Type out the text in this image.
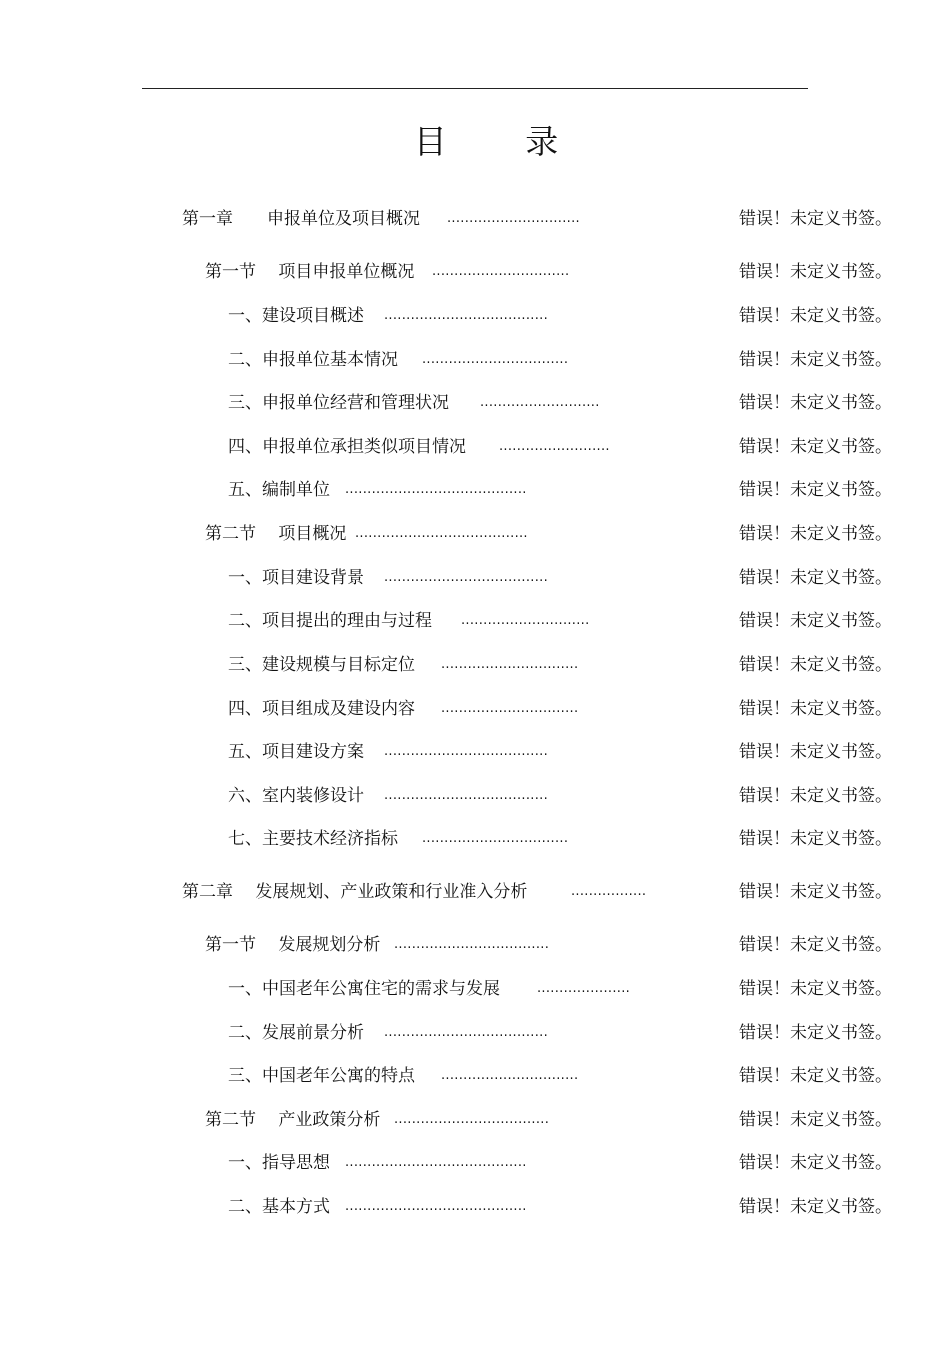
目 录
第一章　　申报单位及项目概况 ..............................	错误！未定义书签。
第一节　 项目申报单位概况 ...............................	错误！未定义书签。
一、建设项目概述 .....................................	错误！未定义书签。
二、申报单位基本情况 .................................	错误！未定义书签。
三、申报单位经营和管理状况 ...........................	错误！未定义书签。
四、申报单位承担类似项目情况	.........................	错误！未定义书签。
五、编制单位 .........................................	错误！未定义书签。
第二节　 项目概况 .......................................	错误！未定义书签。
一、项目建设背景 .....................................	错误！未定义书签。
二、项目提出的理由与过程 .............................	错误！未定义书签。
三、建设规模与目标定位 ...............................	错误！未定义书签。
四、项目组成及建设内容 ...............................	错误！未定义书签。
五、项目建设方案 .....................................	错误！未定义书签。
六、室内装修设计 .....................................	错误！未定义书签。
七、主要技术经济指标 .................................	错误！未定义书签。
第二章　 发展规划、产业政策和行业准入分析	.................	错误！未定义书签。
第一节　 发展规划分析 ...................................	错误！未定义书签。
一、中国老年公寓住宅的需求与发展	.....................	错误！未定义书签。
二、发展前景分析 .....................................	错误！未定义书签。
三、中国老年公寓的特点 ...............................	错误！未定义书签。
第二节　 产业政策分析 ...................................	错误！未定义书签。
一、指导思想 .........................................	错误！未定义书签。
二、基本方式 .........................................	错误！未定义书签。
